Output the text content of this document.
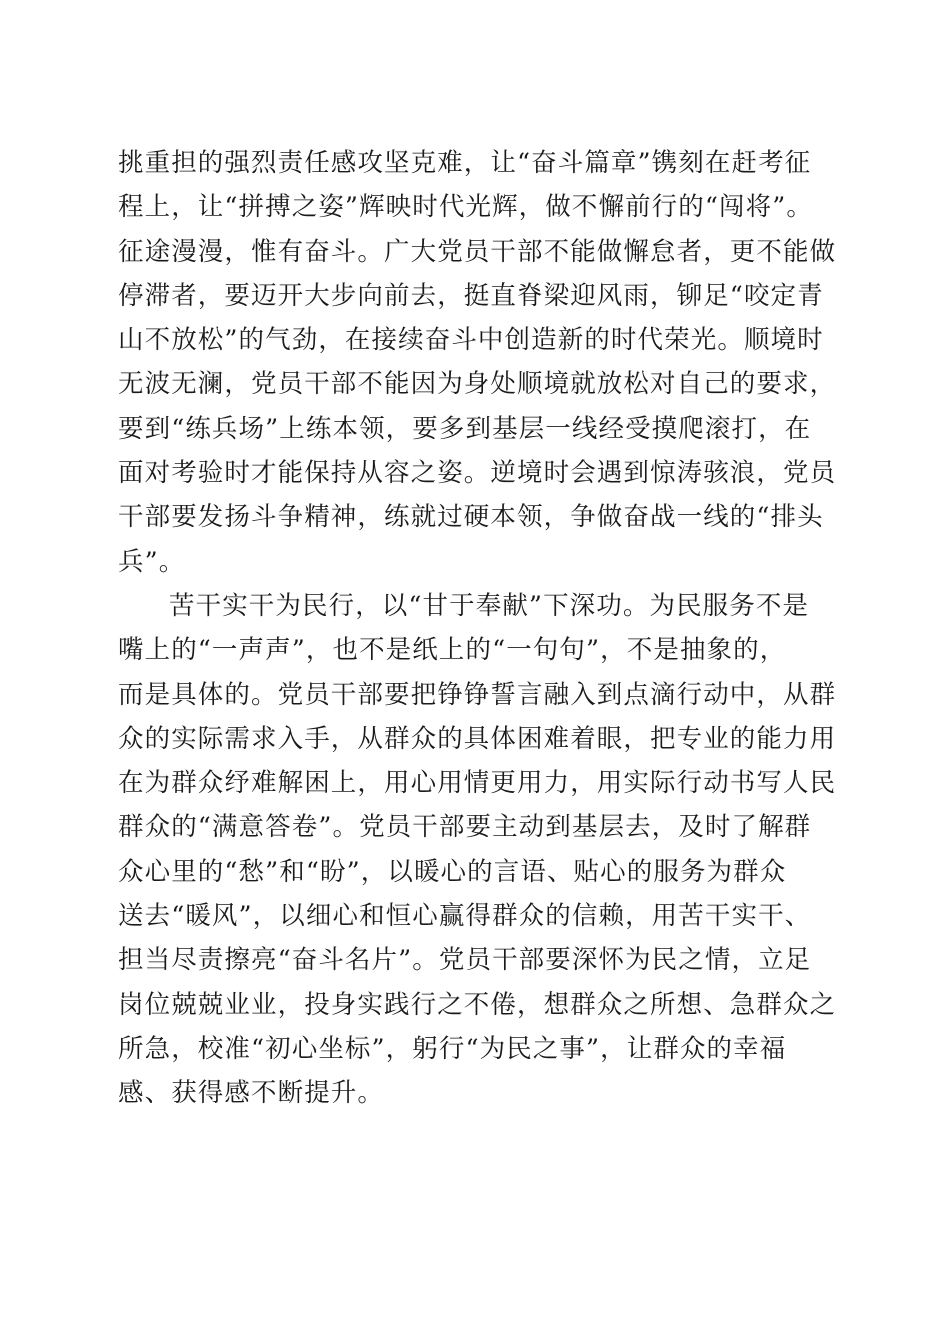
挑重担的强烈责任感攻坚克难，让“奋斗篇章”镌刻在赶考征
程上，让“拼搏之姿”辉映时代光辉，做不懈前行的“闯将”。
征途漫漫，惟有奋斗。广大党员干部不能做懈怠者，更不能做
停滞者，要迈开大步向前去，挺直脊梁迎风雨，铆足“咬定青
山不放松”的气劲，在接续奋斗中创造新的时代荣光。顺境时
无波无澜，党员干部不能因为身处顺境就放松对自己的要求，
要到“练兵场”上练本领，要多到基层一线经受摸爬滚打，在
面对考验时才能保持从容之姿。逆境时会遇到惊涛骇浪，党员
干部要发扬斗争精神，练就过硬本领，争做奋战一线的“排头
兵”。
苦干实干为民行，以“甘于奉献”下深功。为民服务不是
嘴上的“一声声”，也不是纸上的“一句句”，不是抽象的，
而是具体的。党员干部要把铮铮誓言融入到点滴行动中，从群
众的实际需求入手，从群众的具体困难着眼，把专业的能力用
在为群众纾难解困上，用心用情更用力，用实际行动书写人民
群众的“满意答卷”。党员干部要主动到基层去，及时了解群
众心里的“愁”和“盼”，以暖心的言语、贴心的服务为群众
送去“暖风”，以细心和恒心赢得群众的信赖，用苦干实干、
担当尽责擦亮“奋斗名片”。党员干部要深怀为民之情，立足
岗位兢兢业业，投身实践行之不倦，想群众之所想、急群众之
所急，校准“初心坐标”，躬行“为民之事”，让群众的幸福
感、获得感不断提升。
